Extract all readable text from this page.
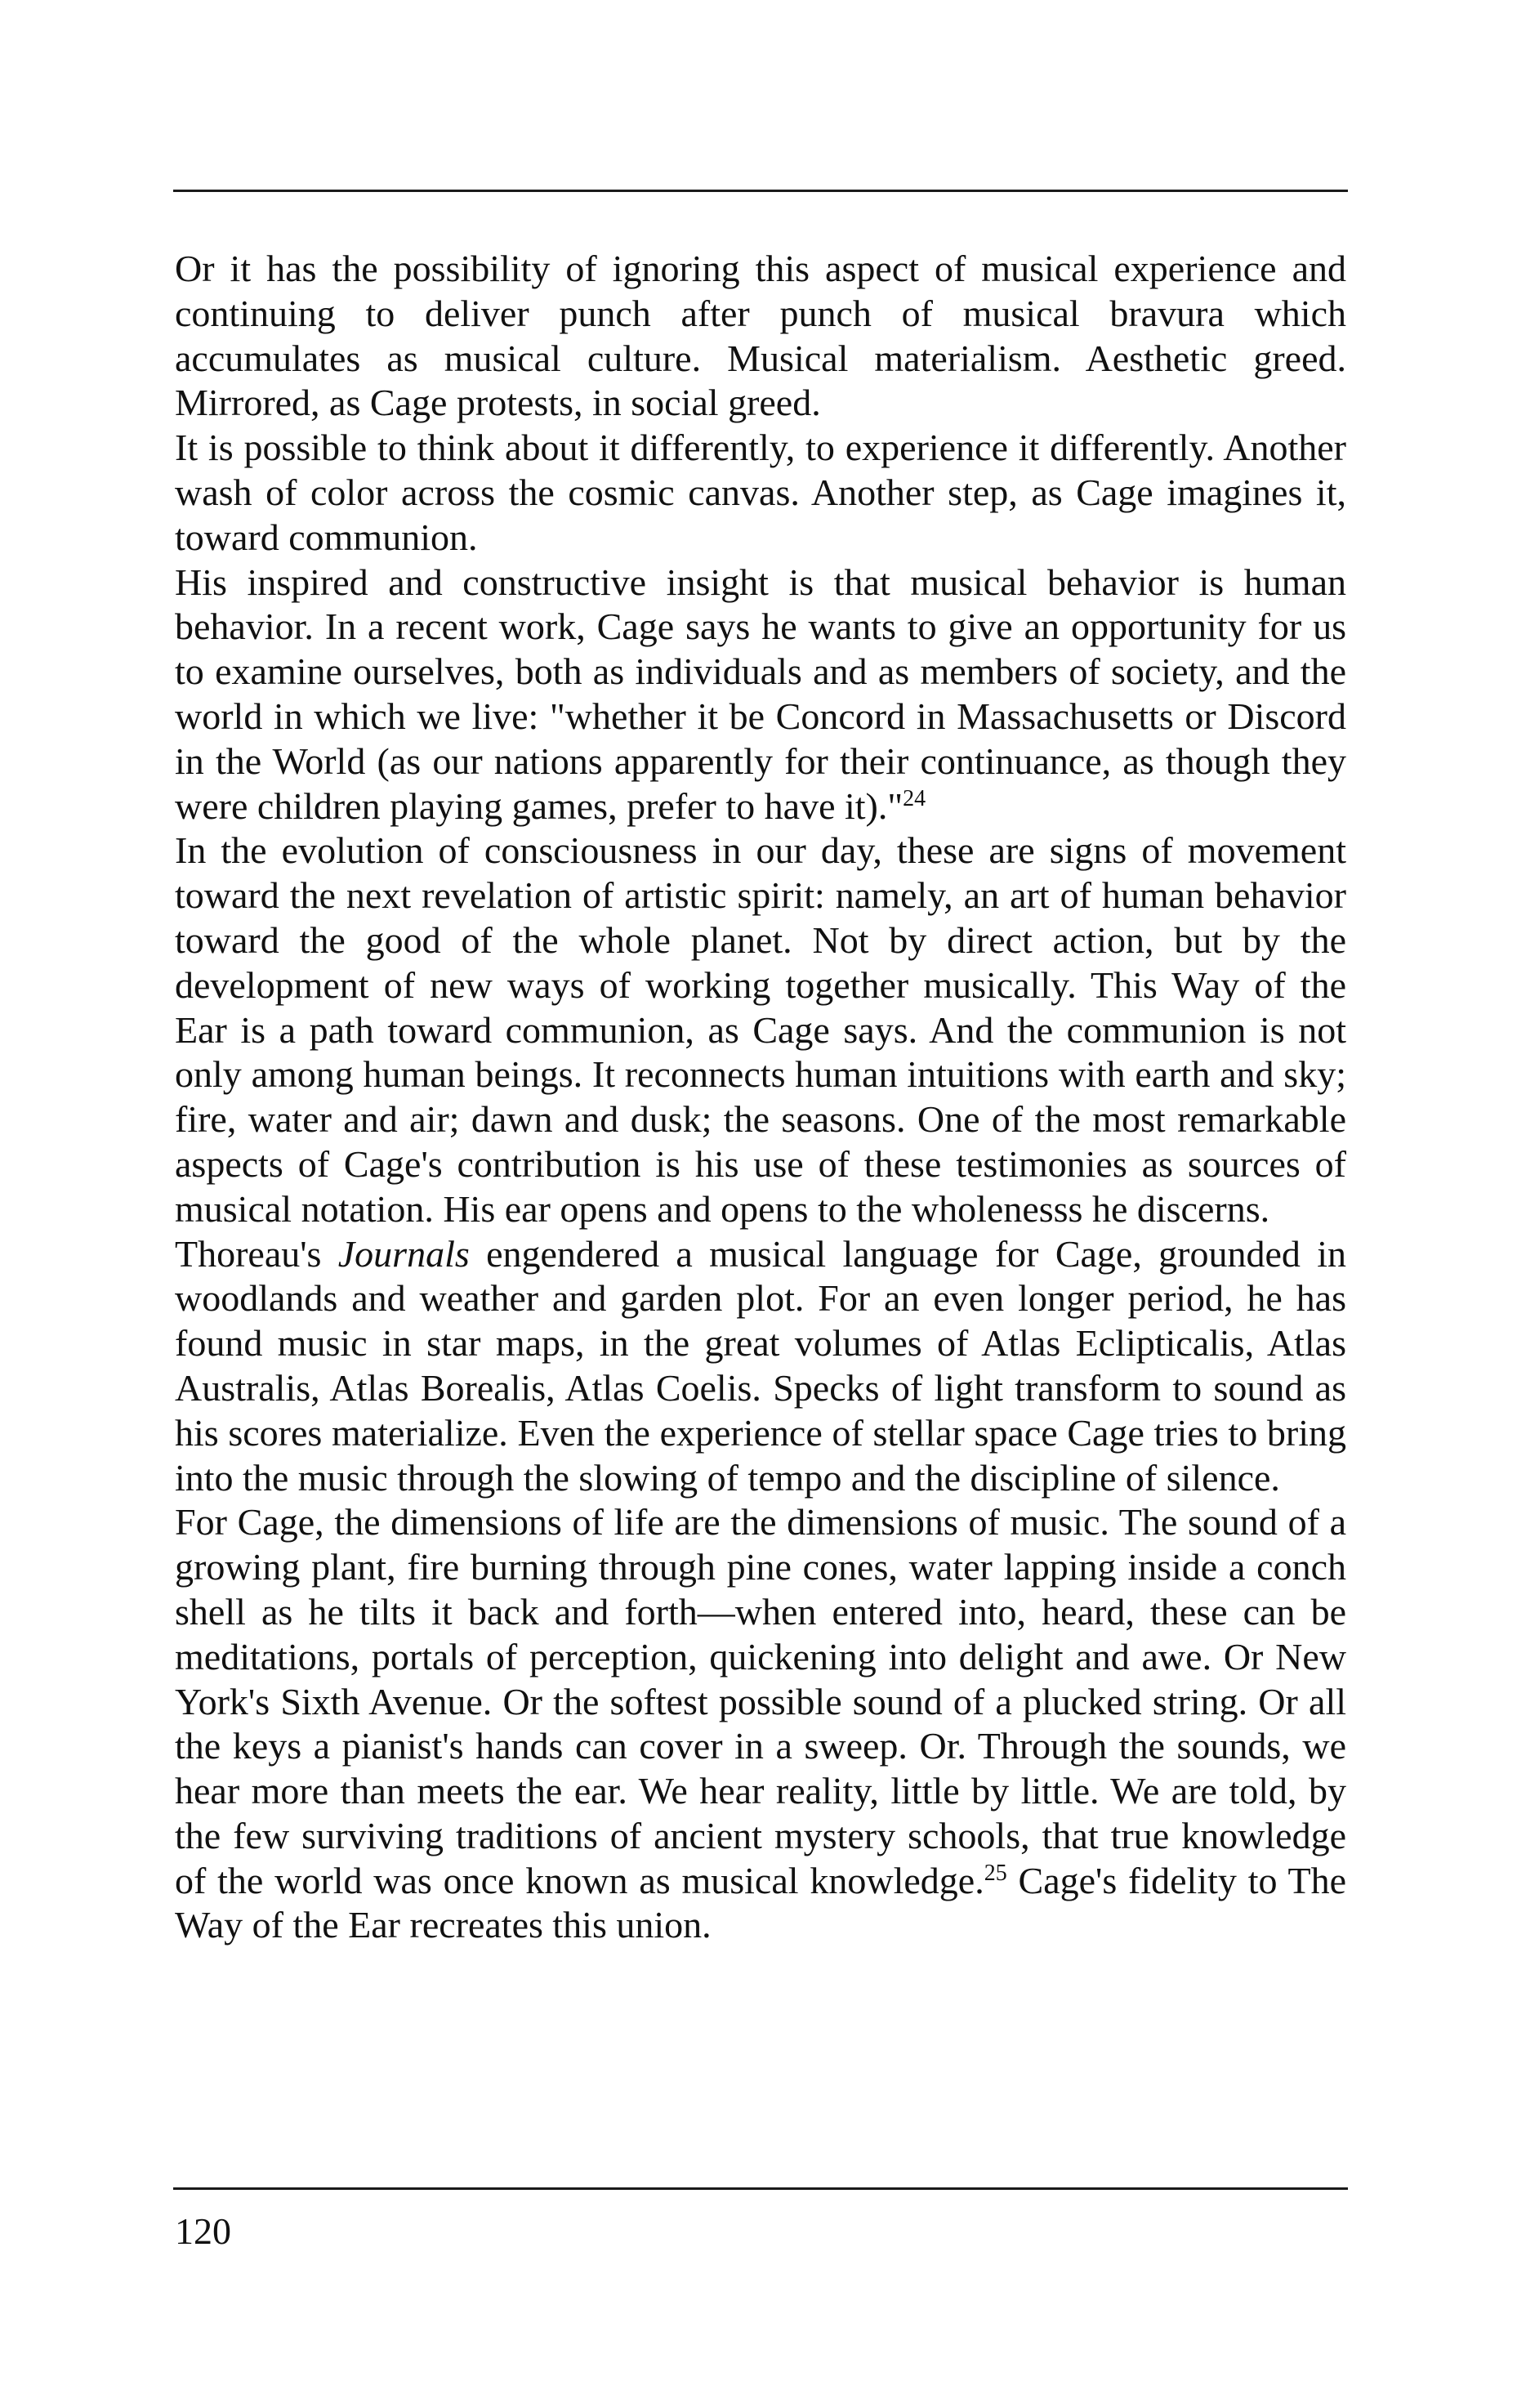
Or it has the possibility of ignoring this aspect of musical experience and continuing to deliver punch after punch of musical bravura which accumulates as musical culture. Musical materialism. Aesthetic greed. Mirrored, as Cage protests, in social greed.

It is possible to think about it differently, to experience it differently. Another wash of color across the cosmic canvas. Another step, as Cage imagines it, toward communion.

His inspired and constructive insight is that musical behavior is human behavior. In a recent work, Cage says he wants to give an opportunity for us to examine ourselves, both as individuals and as members of society, and the world in which we live: "whether it be Concord in Massachusetts or Discord in the World (as our nations apparently for their continuance, as though they were children playing games, prefer to have it)."$^{24}$

In the evolution of consciousness in our day, these are signs of movement toward the next revelation of artistic spirit: namely, an art of human behavior toward the good of the whole planet. Not by direct action, but by the development of new ways of working together musically. This Way of the Ear is a path toward communion, as Cage says. And the communion is not only among human beings. It reconnects human intuitions with earth and sky; fire, water and air; dawn and dusk; the seasons. One of the most remarkable aspects of Cage's contribution is his use of these testimonies as sources of musical notation. His ear opens and opens to the wholenesss he discerns.

Thoreau's Journals engendered a musical language for Cage, grounded in woodlands and weather and garden plot. For an even longer period, he has found music in star maps, in the great volumes of Atlas Eclipticalis, Atlas Australis, Atlas Borealis, Atlas Coelis. Specks of light transform to sound as his scores materialize. Even the experience of stellar space Cage tries to bring into the music through the slowing of tempo and the discipline of silence.

For Cage, the dimensions of life are the dimensions of music. The sound of a growing plant, fire burning through pine cones, water lapping inside a conch shell as he tilts it back and forth—when entered into, heard, these can be meditations, portals of perception, quickening into delight and awe. Or New York's Sixth Avenue. Or the softest possible sound of a plucked string. Or all the keys a pianist's hands can cover in a sweep. Or. Through the sounds, we hear more than meets the ear. We hear reality, little by little. We are told, by the few surviving traditions of ancient mystery schools, that true knowledge of the world was once known as musical knowledge.$^{25}$ Cage's fidelity to The Way of the Ear recreates this union.

120
